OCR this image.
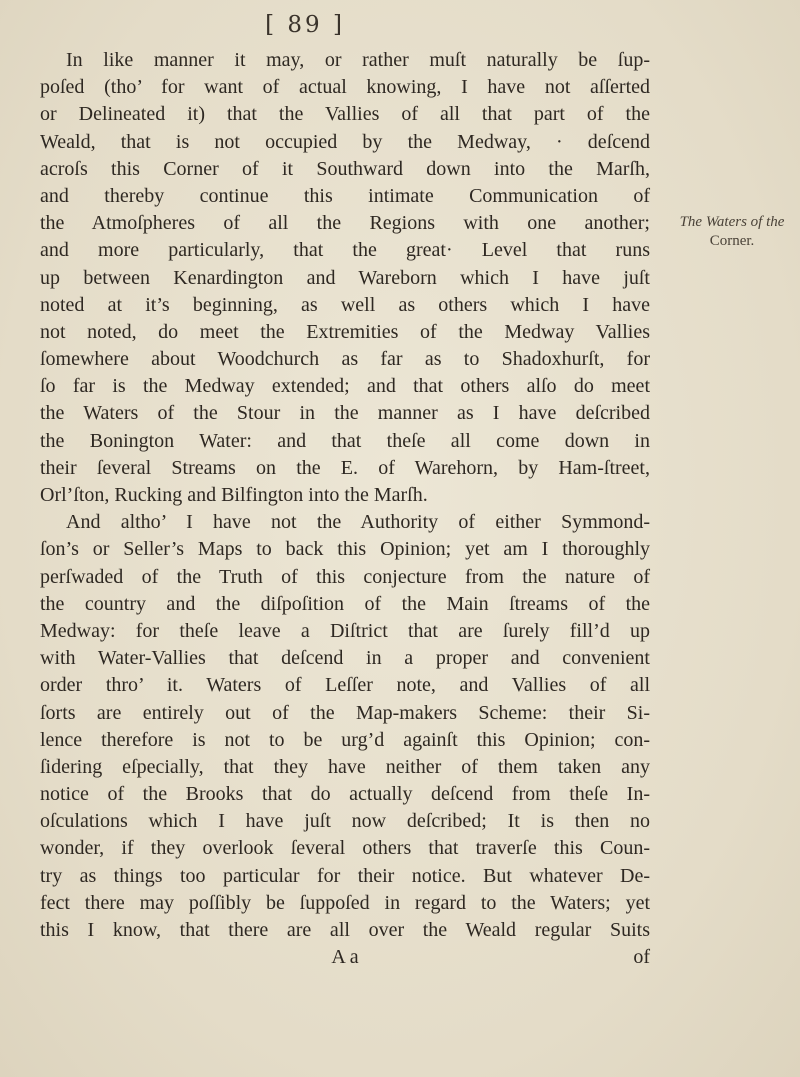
[ 89 ]
In like manner it may, or rather muſt naturally be ſup-
poſed (tho’ for want of actual knowing, I have not aſſerted
or Delineated it) that the Vallies of all that part of the
Weald, that is not occupied by the Medway, · deſcend
acroſs this Corner of it Southward down into the Marſh,
and thereby continue this intimate Communication of
the Atmoſpheres of all the Regions with one another;
and more particularly, that the great· Level that runs
up between Kenardington and Wareborn which I have juſt
noted at it’s beginning, as well as others which I have
not noted, do meet the Extremities of the Medway Vallies
ſomewhere about Woodchurch as far as to Shadoxhurſt, for
ſo far is the Medway extended; and that others alſo do meet
the Waters of the Stour in the manner as I have deſcribed
the Bonington Water: and that theſe all come down in
their ſeveral Streams on the E. of Warehorn, by Ham-ſtreet,
Orl’ſton, Rucking and Bilfington into the Marſh.
And altho’ I have not the Authority of either Symmond-
ſon’s or Seller’s Maps to back this Opinion; yet am I thoroughly
perſwaded of the Truth of this conjecture from the nature of
the country and the diſpoſition of the Main ſtreams of the
Medway: for theſe leave a Diſtrict that are ſurely fill’d up
with Water-Vallies that deſcend in a proper and convenient
order thro’ it. Waters of Leſſer note, and Vallies of all
ſorts are entirely out of the Map-makers Scheme: their Si-
lence therefore is not to be urg’d againſt this Opinion; con-
ſidering eſpecially, that they have neither of them taken any
notice of the Brooks that do actually deſcend from theſe In-
oſculations which I have juſt now deſcribed; It is then no
wonder, if they overlook ſeveral others that traverſe this Coun-
try as things too particular for their notice. But whatever De-
fect there may poſſibly be ſuppoſed in regard to the Waters; yet
this I know, that there are all over the Weald regular Suits
A a	of
The Waters of the
Corner.
